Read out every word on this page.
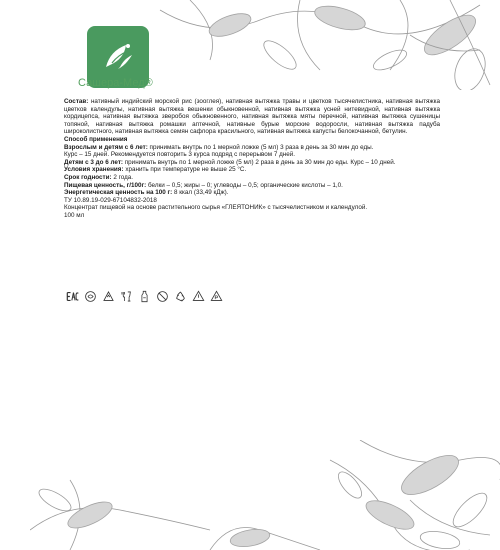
Сашера-Мед®

Состав: нативный индийский морской рис (зооглея), нативная вытяжка травы и цветков тысячелистника, нативная вытяжка цветков календулы, нативная вытяжка вешенки обыкновенной, нативная вытяжка усней нитевидной, нативная вытяжка кордицепса, нативная вытяжка зверобоя обыкновенного, нативная вытяжка мяты перечной, нативная вытяжка сушеницы топяной, нативная вытяжка ромашки аптечной, нативные бурые морские водоросли, нативная вытяжка падуба широколистного, нативная вытяжка семян сафлора красильного, нативная вытяжка капусты белокочанной, бетулин.

Способ применения

Взрослым и детям с 6 лет: принимать внутрь по 1 мерной ложке (5 мл) 3 раза в день за 30 мин до еды.

Курс – 15 дней. Рекомендуется повторить 3 курса подряд с перерывом 7 дней.

Детям с 3 до 6 лет: принимать внутрь по 1 мерной ложке (5 мл) 2 раза в день за 30 мин до еды. Курс – 10 дней.

Условия хранения: хранить при температуре не выше 25 °C.

Срок годности: 2 года.

Пищевая ценность, г/100г: белки – 0,5; жиры – 0; углеводы – 0,5; органические кислоты – 1,0.

Энергетическая ценность на 100 г: 8 ккал (33,49 кДж).

ТУ 10.89.19-029-67104832-2018

Концентрат пищевой на основе растительного сырья «ГЛЕЯТОНИК» с тысячелистником и календулой.

100 мл
